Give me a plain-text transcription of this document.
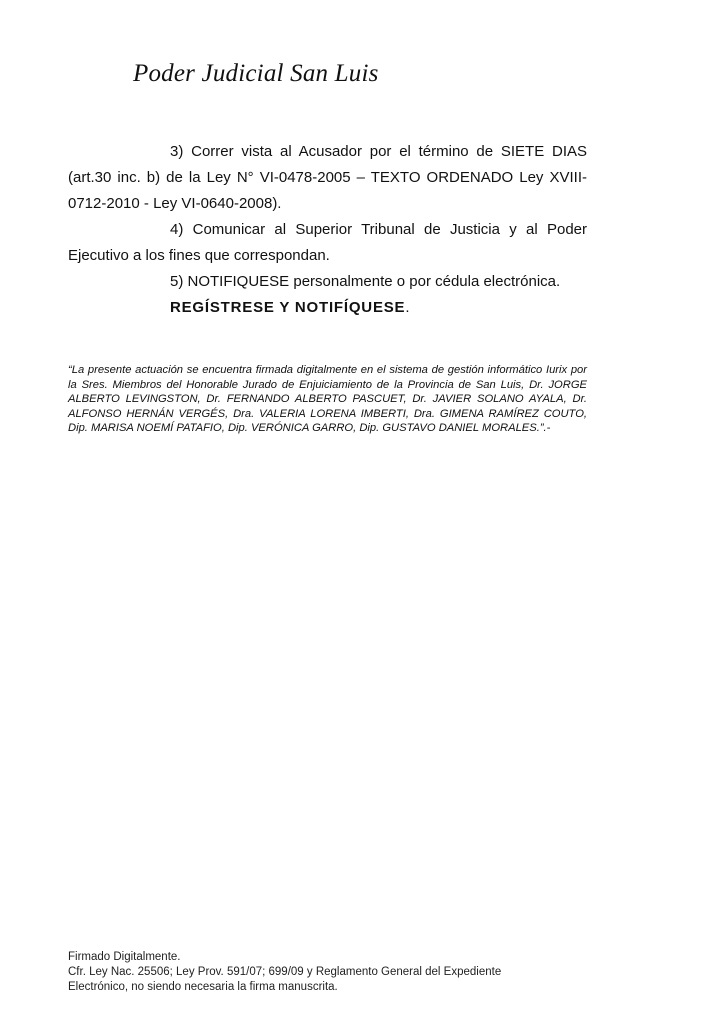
Poder Judicial San Luis

3) Correr vista al Acusador por el término de SIETE DIAS (art.30 inc. b) de la Ley N° VI-0478-2005 – TEXTO ORDENADO Ley XVIII-0712-2010 - Ley VI-0640-2008).

4) Comunicar al Superior Tribunal de Justicia y al Poder Ejecutivo a los fines que correspondan.

5) NOTIFIQUESE personalmente o por cédula electrónica.

REGÍSTRESE Y NOTIFÍQUESE.

“La presente actuación se encuentra firmada digitalmente en el sistema de gestión informático Iurix por la Sres. Miembros del Honorable Jurado de Enjuiciamiento de la Provincia de San Luis, Dr. JORGE ALBERTO LEVINGSTON, Dr. FERNANDO ALBERTO PASCUET, Dr. JAVIER SOLANO AYALA, Dr. ALFONSO HERNÁN VERGÉS, Dra. VALERIA LORENA IMBERTI, Dra. GIMENA RAMÍREZ COUTO, Dip. MARISA NOEMÍ PATAFIO, Dip. VERÓNICA GARRO, Dip. GUSTAVO DANIEL MORALES.”.-
Firmado Digitalmente.
Cfr. Ley Nac. 25506; Ley Prov. 591/07; 699/09 y Reglamento General del Expediente
Electrónico, no siendo necesaria la firma manuscrita.
